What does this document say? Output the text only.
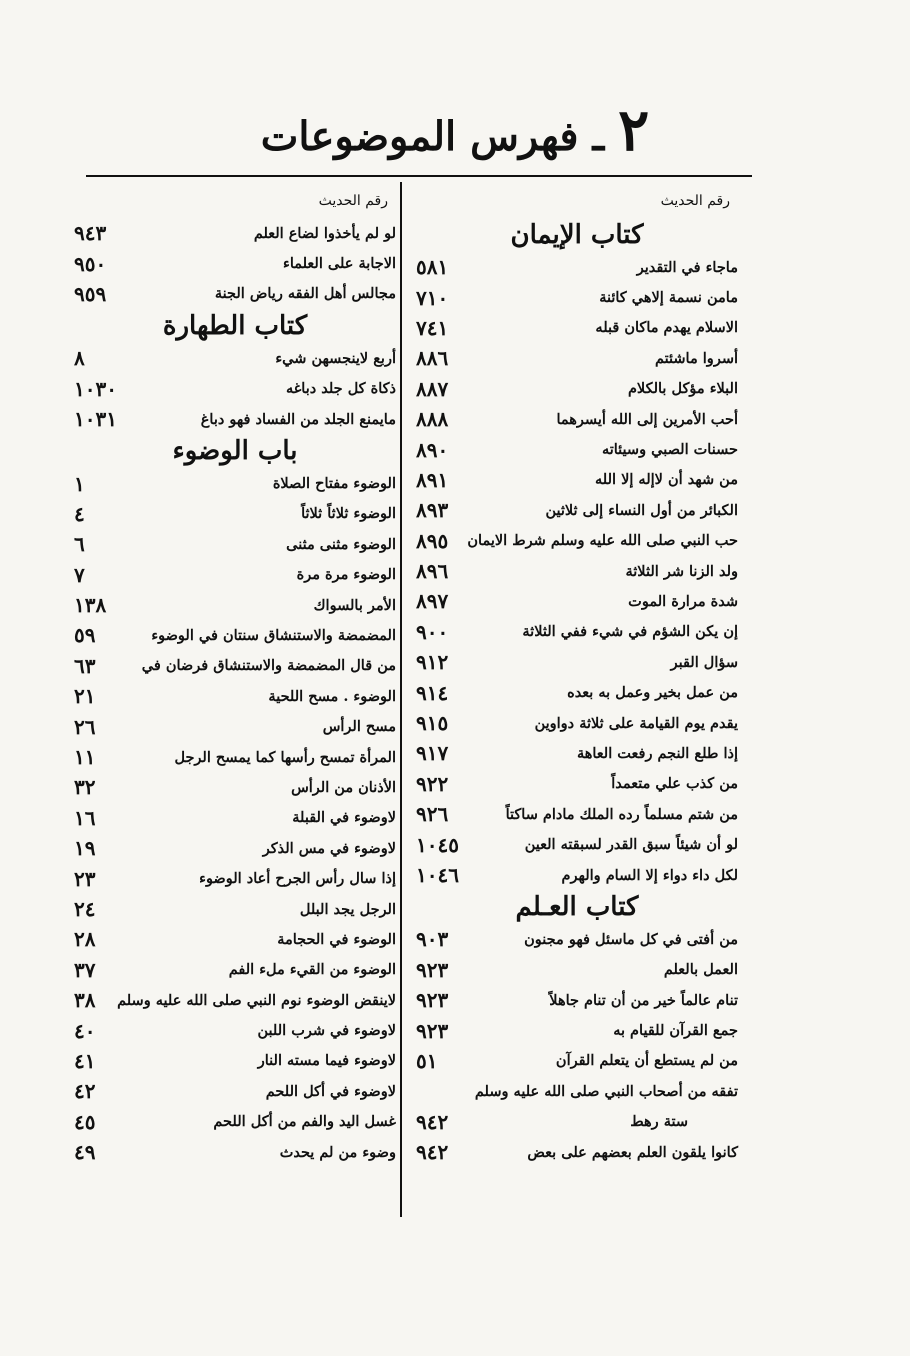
٢ ـ فهرس الموضوعات
رقم الحديث
كتاب الإيمان
ماجاء في التقدير
٥٨١
مامن نسمة إلاهي كائنة
٧١٠
الاسلام يهدم ماكان قبله
٧٤١
أسروا ماشئتم
٨٨٦
البلاء مؤكل بالكلام
٨٨٧
أحب الأمرين إلى الله أيسرهما
٨٨٨
حسنات الصبي وسيئاته
٨٩٠
من شهد أن لاإله إلا الله
٨٩١
الكبائر من أول النساء إلى ثلاثين
٨٩٣
حب النبي صلى الله عليه وسلم شرط الايمان
٨٩٥
ولد الزنا شر الثلاثة
٨٩٦
شدة مرارة الموت
٨٩٧
إن يكن الشؤم في شيء ففي الثلاثة
٩٠٠
سؤال القبر
٩١٢
من عمل بخير وعمل به بعده
٩١٤
يقدم يوم القيامة على ثلاثة دواوين
٩١٥
إذا طلع النجم رفعت العاهة
٩١٧
من كذب علي متعمداً
٩٢٢
من شتم مسلماً رده الملك مادام ساكتاً
٩٢٦
لو أن شيئاً سبق القدر لسبقته العين
١٠٤٥
لكل داء دواء إلا السام والهرم
١٠٤٦
كتاب العـلم
من أفتى في كل ماسئل فهو مجنون
٩٠٣
العمل بالعلم
٩٢٣
تنام عالماً خير من أن تنام جاهلاً
٩٢٣
جمع القرآن للقيام به
٩٢٣
من لم يستطع أن يتعلم القرآن
٥١
تفقه من أصحاب النبي صلى الله عليه وسلم
ستة رهط
٩٤٢
كانوا يلقون العلم بعضهم على بعض
٩٤٢
رقم الحديث
لو لم يأخذوا لضاع العلم
٩٤٣
الاجابة على العلماء
٩٥٠
مجالس أهل الفقه رياض الجنة
٩٥٩
كتاب الطهارة
أربع لاينجسهن شيء
٨
ذكاة كل جلد دباغه
١٠٣٠
مايمنع الجلد من الفساد فهو دباغ
١٠٣١
باب الوضوء
الوضوء مفتاح الصلاة
١
الوضوء ثلاثاً ثلاثاً
٤
الوضوء مثنى مثنى
٦
الوضوء مرة مرة
٧
الأمر بالسواك
١٣٨
المضمضة والاستنشاق سنتان في الوضوء
٥٩
من قال المضمضة والاستنشاق فرضان في
٦٣
الوضوء . مسح اللحية
٢١
مسح الرأس
٢٦
المرأة تمسح رأسها كما يمسح الرجل
١١
الأذنان من الرأس
٣٢
لاوضوء في القبلة
١٦
لاوضوء في مس الذكر
١٩
إذا سال رأس الجرح أعاد الوضوء
٢٣
الرجل يجد البلل
٢٤
الوضوء في الحجامة
٢٨
الوضوء من القيء ملء الفم
٣٧
لاينقض الوضوء نوم النبي صلى الله عليه وسلم
٣٨
لاوضوء في شرب اللبن
٤٠
لاوضوء فيما مسته النار
٤١
لاوضوء في أكل اللحم
٤٢
غسل اليد والفم من أكل اللحم
٤٥
وضوء من لم يحدث
٤٩
